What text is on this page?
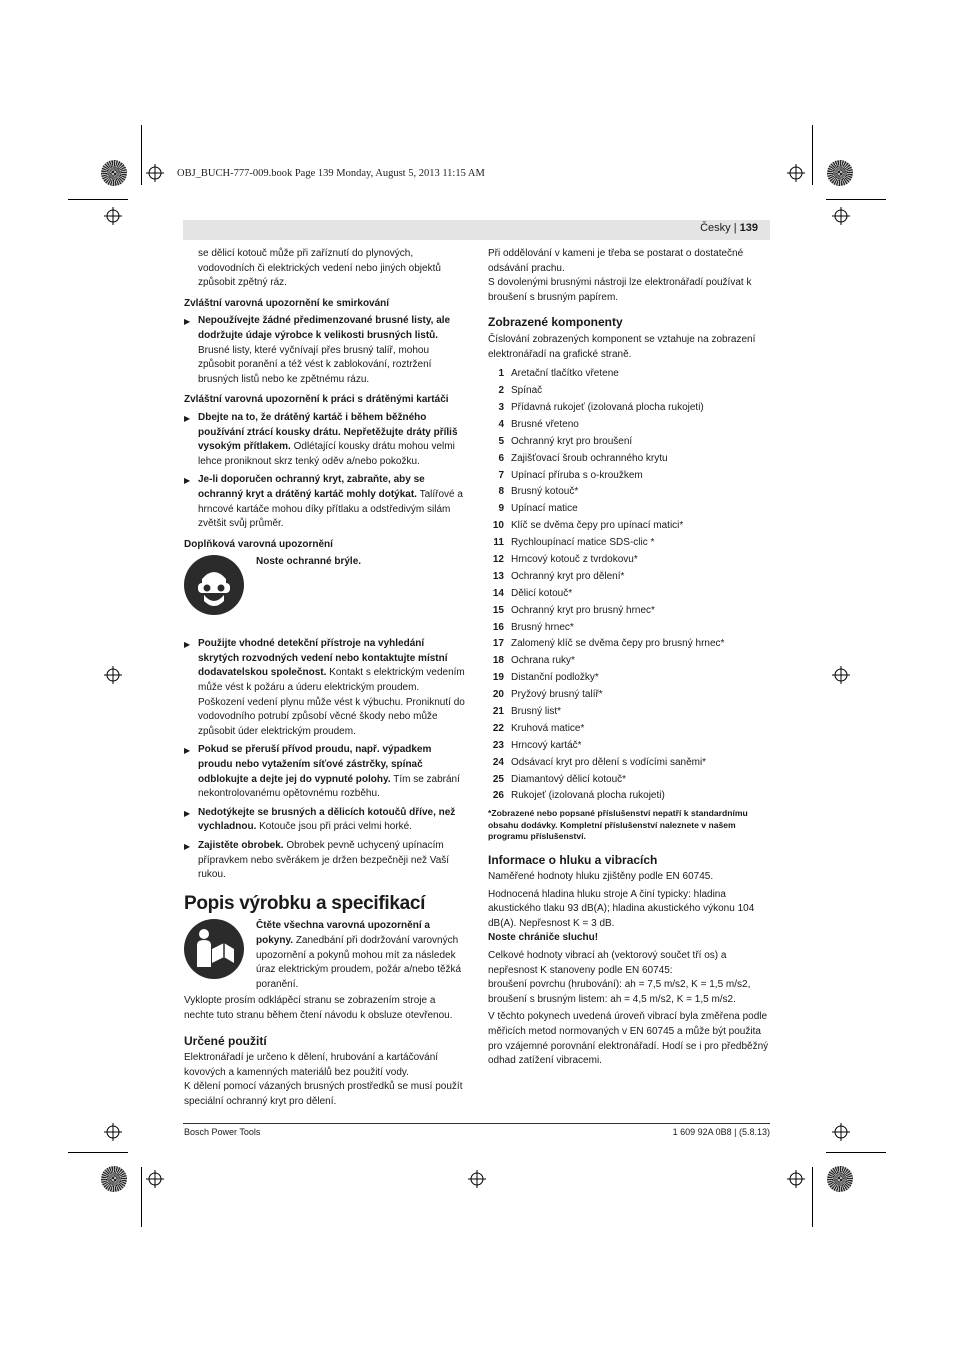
OBJ_BUCH-777-009.book Page 139 Monday, August 5, 2013 11:15 AM
Česky | 139

se dělicí kotouč může při zaříznutí do plynových, vodovodních či elektrických vedení nebo jiných objektů způsobit zpětný ráz.

Zvláštní varovná upozornění ke smirkování
▶ Nepoužívejte žádné předimenzované brusné listy, ale dodržujte údaje výrobce k velikosti brusných listů. Brusné listy, které vyčnívají přes brusný talíř, mohou způsobit poranění a též vést k zablokování, roztržení brusných listů nebo ke zpětnému rázu.
Zvláštní varovná upozornění k práci s drátěnými kartáči
▶ Dbejte na to, že drátěný kartáč i během běžného používání ztrácí kousky drátu. Nepřetěžujte dráty příliš vysokým přítlakem. Odlétající kousky drátu mohou velmi lehce proniknout skrz tenký oděv a/nebo pokožku.
▶ Je-li doporučen ochranný kryt, zabraňte, aby se ochranný kryt a drátěný kartáč mohly dotýkat. Talířové a hrncové kartáče mohou díky přítlaku a odstředivým silám zvětšit svůj průměr.
Doplňková varovná upozornění
Noste ochranné brýle.
▶ Použijte vhodné detekční přístroje na vyhledání skrytých rozvodných vedení nebo kontaktujte místní dodavatelskou společnost. Kontakt s elektrickým vedením může vést k požáru a úderu elektrickým proudem. Poškození vedení plynu může vést k výbuchu. Proniknutí do vodovodního potrubí způsobí věcné škody nebo může způsobit úder elektrickým proudem.
▶ Pokud se přeruší přívod proudu, např. výpadkem proudu nebo vytažením síťové zástrčky, spínač odblokujte a dejte jej do vypnuté polohy. Tím se zabrání nekontrolovanému opětovnému rozběhu.
▶ Nedotýkejte se brusných a dělicích kotoučů dříve, než vychladnou. Kotouče jsou při práci velmi horké.
▶ Zajistěte obrobek. Obrobek pevně uchycený upínacím přípravkem nebo svěrákem je držen bezpečněji než Vaší rukou.
Popis výrobku a specifikací
Čtěte všechna varovná upozornění a pokyny. Zanedbání při dodržování varovných upozornění a pokynů mohou mít za následek úraz elektrickým proudem, požár a/nebo těžká poranění.

Vyklopte prosím odklápěcí stranu se zobrazením stroje a nechte tuto stranu během čtení návodu k obsluze otevřenou.

Určené použití

Elektronářadí je určeno k dělení, hrubování a kartáčování kovových a kamenných materiálů bez použití vody.

K dělení pomocí vázaných brusných prostředků se musí použít speciální ochranný kryt pro dělení.

Při oddělování v kameni je třeba se postarat o dostatečné odsávání prachu.

S dovolenými brusnými nástroji lze elektronářadí používat k broušení s brusným papírem.

Zobrazené komponenty

Číslování zobrazených komponent se vztahuje na zobrazení elektronářadí na grafické straně.

1 Aretační tlačítko vřetene
2 Spínač
3 Přídavná rukojeť (izolovaná plocha rukojeti)
4 Brusné vřeteno
5 Ochranný kryt pro broušení
6 Zajišťovací šroub ochranného krytu
7 Upínací příruba s o-kroužkem
8 Brusný kotouč*
9 Upínací matice
10 Klíč se dvěma čepy pro upínací matici*
11 Rychloupínací matice SDS-clic *
12 Hrncový kotouč z tvrdokovu*
13 Ochranný kryt pro dělení*
14 Dělicí kotouč*
15 Ochranný kryt pro brusný hrnec*
16 Brusný hrnec*
17 Zalomený klíč se dvěma čepy pro brusný hrnec*
18 Ochrana ruky*
19 Distanční podložky*
20 Pryžový brusný talíř*
21 Brusný list*
22 Kruhová matice*
23 Hrncový kartáč*
24 Odsávací kryt pro dělení s vodícími saněmi*
25 Diamantový dělicí kotouč*
26 Rukojeť (izolovaná plocha rukojeti)
*Zobrazené nebo popsané příslušenství nepatří k standardnímu obsahu dodávky. Kompletní příslušenství naleznete v našem programu příslušenství.
Informace o hluku a vibracích

Naměřené hodnoty hluku zjištěny podle EN 60745.

Hodnocená hladina hluku stroje A činí typicky: hladina akustického tlaku 93 dB(A); hladina akustického výkonu 104 dB(A). Nepřesnost K = 3 dB.

Noste chrániče sluchu!

Celkové hodnoty vibrací ah (vektorový součet tří os) a nepřesnost K stanoveny podle EN 60745:

broušení povrchu (hrubování): ah = 7,5 m/s2, K = 1,5 m/s2,

broušení s brusným listem: ah = 4,5 m/s2, K = 1,5 m/s2.

V těchto pokynech uvedená úroveň vibrací byla změřena podle měřicích metod normovaných v EN 60745 a může být použita pro vzájemné porovnání elektronářadí. Hodí se i pro předběžný odhad zatížení vibracemi.

Bosch Power Tools	1 609 92A 0B8 | (5.8.13)
